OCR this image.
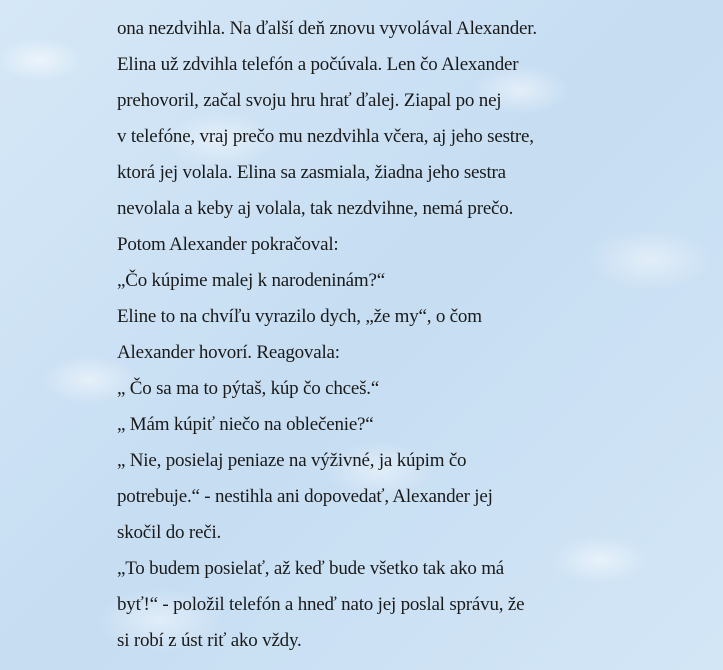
ona nezdvihla. Na ďalší deň znovu vyvolával Alexander.
Elina už zdvihla telefón a počúvala. Len čo Alexander
prehovoril, začal svoju hru hrať ďalej. Ziapal po nej
v telefóne, vraj prečo mu nezdvihla včera, aj jeho sestre,
ktorá jej volala. Elina sa zasmiala, žiadna jeho sestra
nevolala a keby aj volala, tak nezdvihne, nemá prečo.
Potom Alexander pokračoval:
„Čo kúpime malej k narodeninám?“
Eline to na chvíľu vyrazilo dych, „že my“, o čom
Alexander hovorí. Reagovala:
„ Čo sa ma to pýtaš, kúp čo chceš.“
„ Mám kúpiť niečo na oblečenie?“
„ Nie, posielaj peniaze na výživné, ja kúpim čo
potrebuje.“ - nestihla ani dopovedať, Alexander jej
skočil do reči.
„To budem posielať, až keď bude všetko tak ako má
byť!“ - položil telefón a hneď nato jej poslal správu, že
si robí z úst riť ako vždy.
